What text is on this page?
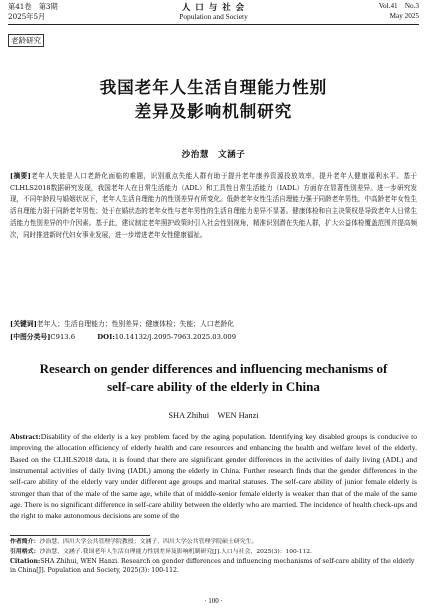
第41卷　第3期
2025年5月
人 口 与 社 会
Population and Society
Vol.41　No.3
May 2025
老龄研究
我国老年人生活自理能力性别
差异及影响机制研究
沙治慧　文涵子
[摘要]老年人失能是人口老龄化面临的难题，识别重点失能人群有助于提升老年康养资源投放效率，提升老年人健康福利水平。基于CLHLS2018数据研究发现，我国老年人在日常生活能力（ADL）和工具性日常生活能力（IADL）方面存在显著性别差异。进一步研究发现，不同年龄段与婚姻状况下，老年人生活自理能力的性别差异有所变化。低龄老年女性生活自理能力强于同龄老年男性，中高龄老年女性生活自理能力弱于同龄老年男性；处于在婚状态的老年女性与老年男性的生活自理能力差异不显著。健康体检和自主决策权是导致老年人日常生活能力性别差异的中介因素。基于此，建议制定老年照护政策时引入社会性别视角，精准识别潜在失能人群，扩大公益体检覆盖范围并提高频次，同时推进新时代妇女事业发展，进一步增进老年女性健康福祉。
[关键词]老年人；生活自理能力；性别差异；健康体检；失能；人口老龄化
[中图分类号]C913.6	DOI:10.14132/j.2095-7963.2025.03.009
Research on gender differences and influencing mechanisms of
self-care ability of the elderly in China
SHA Zhihui　WEN Hanzi
Abstract:Disability of the elderly is a key problem faced by the aging population. Identifying key disabled groups is conducive to improving the allocation efficiency of elderly health and care resources and enhancing the health and welfare level of the elderly. Based on the CLHLS2018 data, it is found that there are significant gender differences in the activities of daily living (ADL) and instrumental activities of daily living (IADL) among the elderly in China. Further research finds that the gender differences in the self-care ability of the elderly vary under different age groups and marital statuses. The self-care ability of junior female elderly is stronger than that of the male of the same age, while that of middle-senior female elderly is weaker than that of the male of the same age. There is no significant difference in self-care ability between the elderly who are married. The incidence of health check-ups and the right to make autonomous decisions are some of the
作者简介：沙治慧，四川大学公共管理学院教授；文涵子，四川大学公共管理学院硕士研究生。
引用格式：沙治慧，文涵子.我国老年人生活自理能力性别差异及影响机制研究[J].人口与社会，2025(3)：100-112.
Citation:SHA Zhihui, WEN Hanzi. Research on gender differences and influencing mechanisms of self-care ability of the elderly in China[J]. Population and Society, 2025(3): 100-112.
· 100 ·
